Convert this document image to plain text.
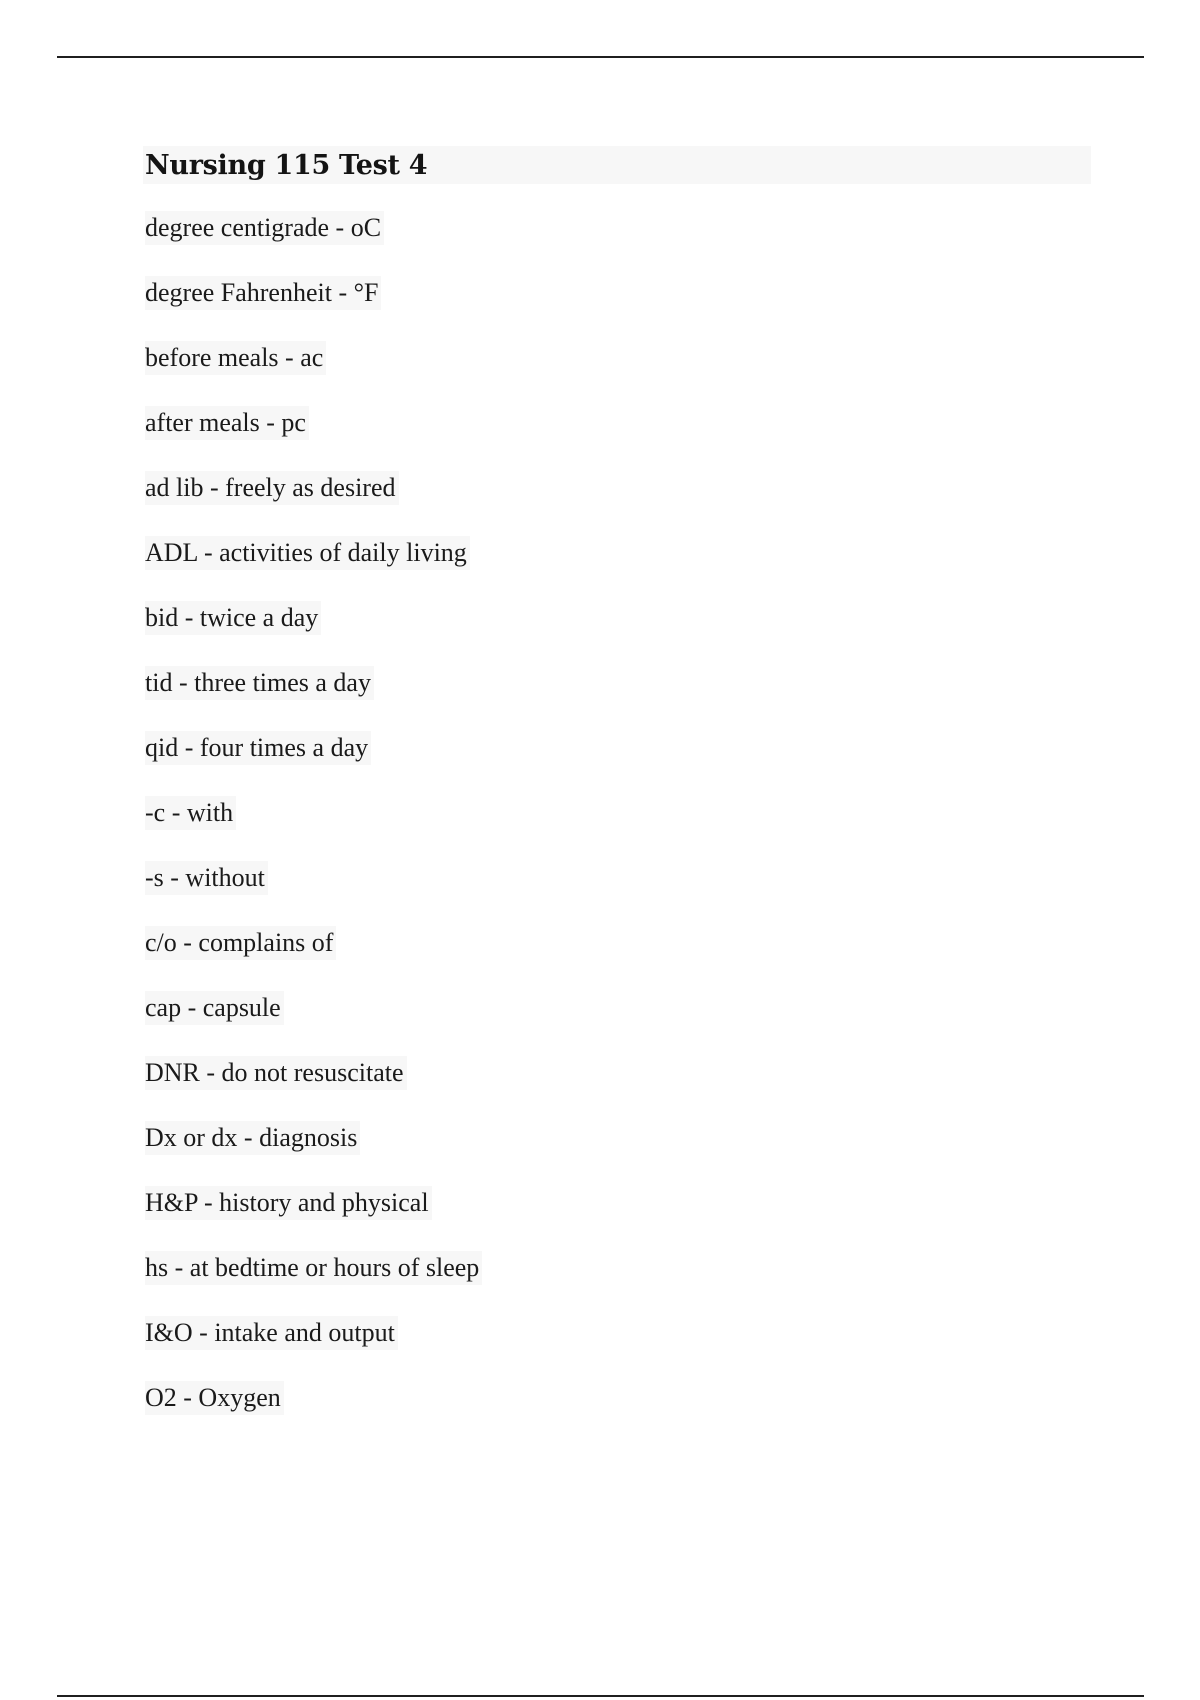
Nursing 115 Test 4
degree centigrade - oC
degree Fahrenheit - °F
before meals - ac
after meals - pc
ad lib - freely as desired
ADL - activities of daily living
bid - twice a day
tid - three times a day
qid - four times a day
-c - with
-s - without
c/o - complains of
cap - capsule
DNR - do not resuscitate
Dx or dx - diagnosis
H&P - history and physical
hs - at bedtime or hours of sleep
I&O - intake and output
O2 - Oxygen
